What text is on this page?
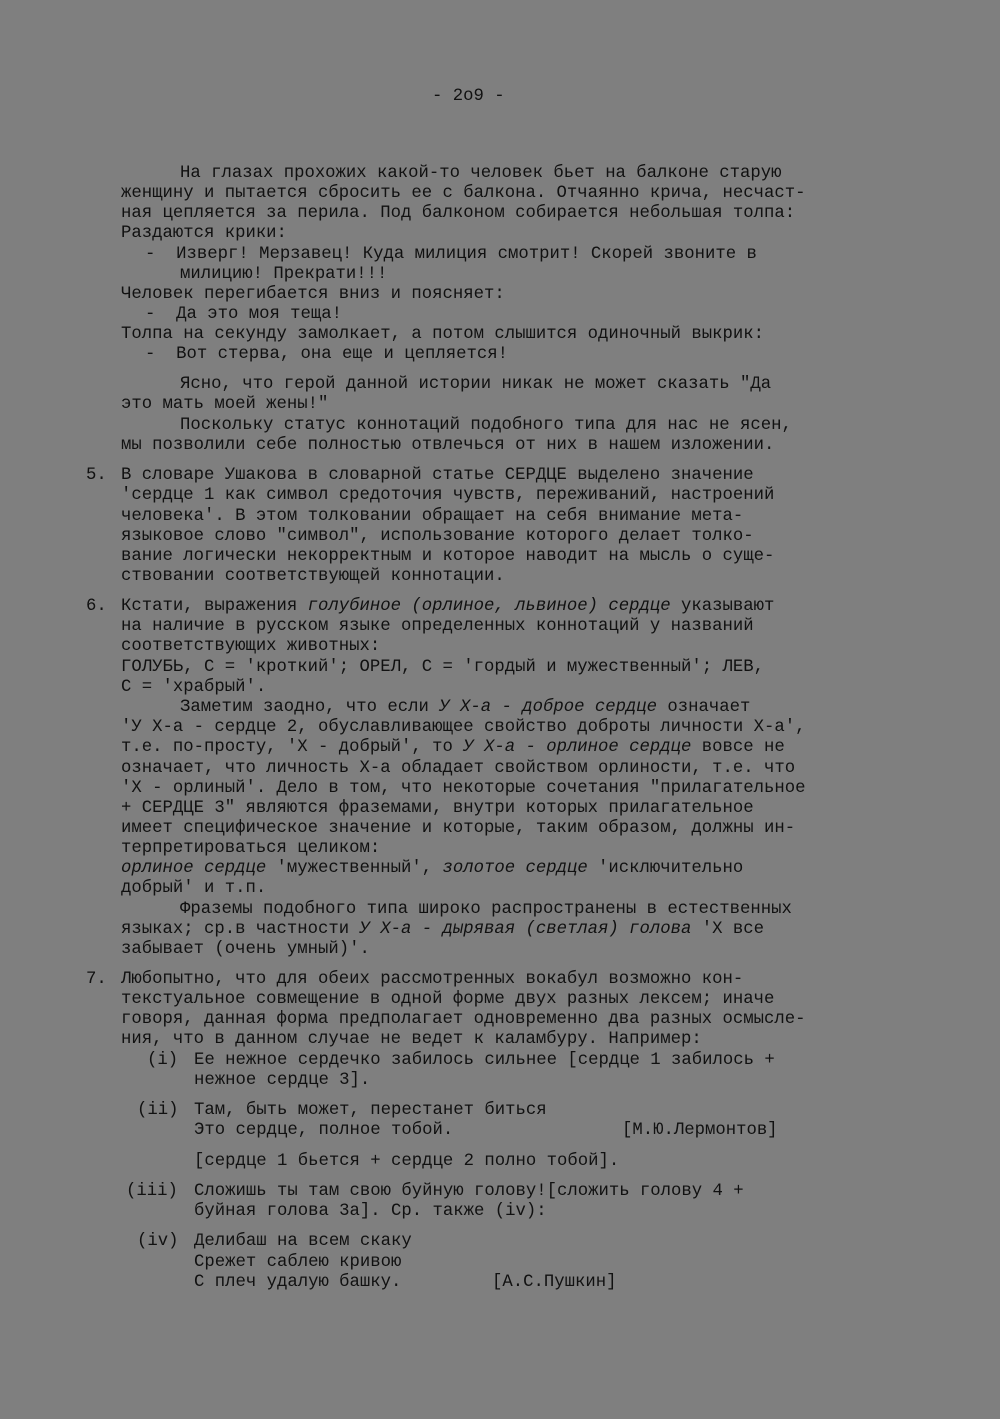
- 2o9 -
На глазах прохожих какой-то человек бьет на балконе старую
женщину и пытается сбросить ее с балкона. Отчаянно крича, несчаст-
ная цепляется за перила. Под балконом собирается небольшая толпа:
Раздаются крики:
-  Изверг! Мерзавец! Куда милиция смотрит! Скорей звоните в
милицию! Прекрати!!!
Человек перегибается вниз и поясняет:
-  Да это моя теща!
Толпа на секунду замолкает, а потом слышится одиночный выкрик:
-  Вот стерва, она еще и цепляется!
Ясно, что герой данной истории никак не может сказать "Да
это мать моей жены!"
Поскольку статус коннотаций подобного типа для нас не ясен,
мы позволили себе полностью отвлечься от них в нашем изложении.
5. В словаре Ушакова в словарной статье СЕРДЦЕ выделено значение
'сердце 1 как символ средоточия чувств, переживаний, настроений
человека'. В этом толковании обращает на себя внимание мета-
языковое слово "символ", использование которого делает толко-
вание логически некорректным и которое наводит на мысль о суще-
ствовании соответствующей коннотации.
6. Кстати, выражения голубиное (орлиное, львиное) сердце указывают
на наличие в русском языке определенных коннотаций у названий
соответствующих животных:
ГОЛУБЬ, С = 'кроткий'; ОРЕЛ, С = 'гордый и мужественный'; ЛЕВ,
С = 'храбрый'.
Заметим заодно, что если У Х-а - доброе сердце означает
'У Х-а - сердце 2, обуславливающее свойство доброты личности Х-а',
т.е. по-просту, 'Х - добрый', то У Х-а - орлиное сердце вовсе не
означает, что личность Х-а обладает свойством орлиности, т.е. что
'Х - орлиный'. Дело в том, что некоторые сочетания "прилагательное
+ СЕРДЦЕ 3" являются фраземами, внутри которых прилагательное
имеет специфическое значение и которые, таким образом, должны ин-
терпретироваться целиком:
орлиное сердце 'мужественный', золотое сердце 'исключительно
добрый' и т.п.
Фраземы подобного типа широко распространены в естественных
языках; ср.в частности У Х-а - дырявая (светлая) голова 'Х все
забывает (очень умный)'.
7. Любопытно, что для обеих рассмотренных вокабул возможно кон-
текстуальное совмещение в одной форме двух разных лексем; иначе
говоря, данная форма предполагает одновременно два разных осмысле-
ния, что в данном случае не ведет к каламбуру. Например:
(i) Ее нежное сердечко забилось сильнее [сердце 1 забилось +
нежное сердце 3].
(ii) Там, быть может, перестанет биться
Это сердце, полное тобой.	[М.Ю.Лермонтов]
[сердце 1 бьется + сердце 2 полно тобой].
(iii) Сложишь ты там свою буйную голову![сложить голову 4 +
буйная голова 3а]. Ср. также (iv):
(iv) Делибаш на всем скаку
Срежет саблею кривою
С плеч удалую башку.	[А.С.Пушкин]
